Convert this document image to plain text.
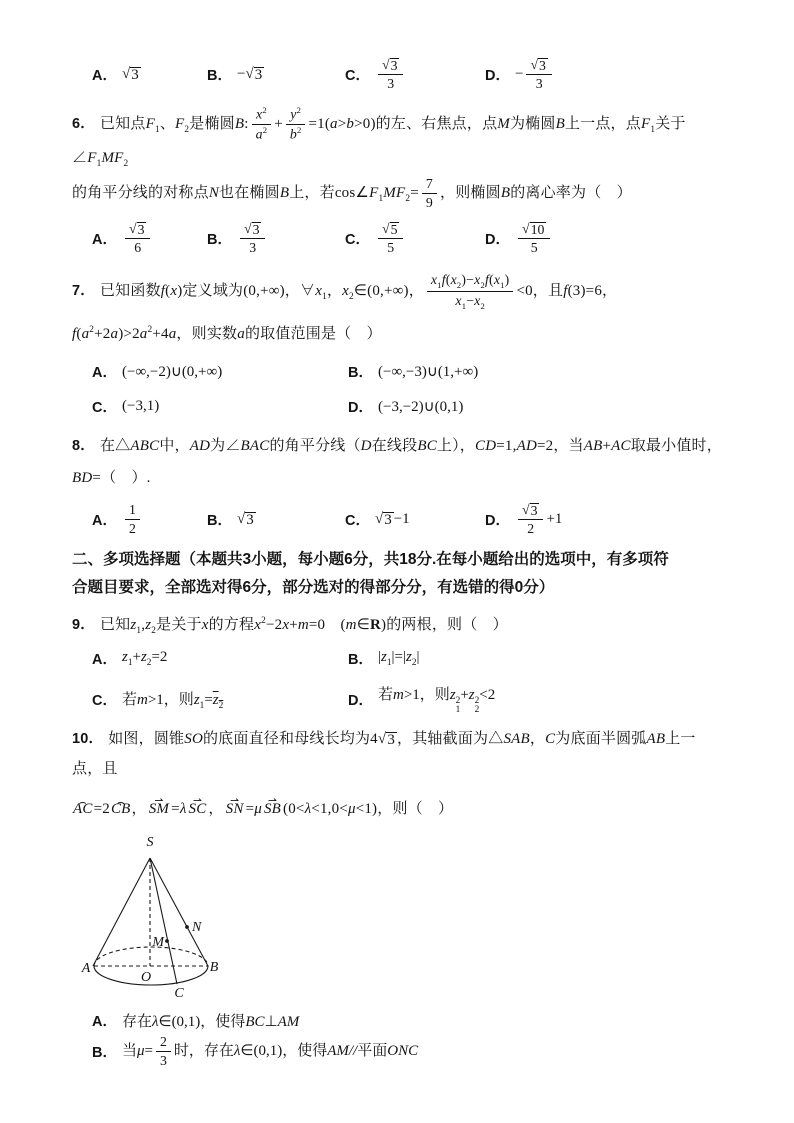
A． √ 3	B． − √ 3	C． $\frac{√ 3}{3}$	D． − $\frac{√ 3}{3}$

6． 已知点$F_1$、$F_2$是椭圆B: $\frac{x^2}{a^2} + \frac{y^2}{b^2} =1(a>b>0)$的左、右焦点，点M为椭圆B上一点，点$F_1$关于$\angle F_1MF_2$

的角平分线的对称点N也在椭圆B上，若$\cos\angle F_1MF_2= \frac{7}{9}$ ，则椭圆B的离心率为（　）

A． $\frac{√ 3}{6}$	B． $\frac{√ 3}{3}$	C． $\frac{√ 5}{5}$	D． $\frac{√ 10}{5}$

7． 已知函数f(x)定义域为(0,+∞)，$\forall x_1$，$x_2\in(0,+\infty)$， $\frac{x_1f(x_2)-x_2f(x_1)}{x_1-x_2} <0$，且f(3)=6，

$f(a^2+2a)>2a^2+4a$，则实数a的取值范围是（　）

A． (−∞,−2)∪(0,+∞)	B． (−∞,−3)∪(1,+∞)
C． (−3,1)	D． (−3,−2)∪(0,1)

8． 在△ABC中，AD为∠BAC的角平分线（D在线段BC上），CD=1,AD=2，当AB+AC取最小值时，

BD=（　）.

A． $\frac{1}{2}$	B． √ 3	C． √ 3 −1	D． $\frac{√ 3}{2} +1$

二、多项选择题（本题共3小题，每小题6分，共18分.在每小题给出的选项中，有多项符

合题目要求，全部选对得6分，部分选对的得部分分，有选错的得0分）

9． 已知$z_1,z_2$是关于x的方程$x^2-2x+m=0$　(m∈R)的两根，则（　）

A． $z_1+z_2=2$	B． $|z_1|=|z_2|$
C． 若m>1，则$z_1=z_2$	D． 若m>1，则z 2
1
+z 2
2
<2

10． 如图，圆锥SO的底面直径和母线长均为4 √ 3 ，其轴截面为△SAB，C为底面半圆弧AB上一点，且

AC ⌢=2CB ⌢， SM ⇀ =λ SC ⇀ ， SN ⇀ =μ SB ⇀ (0<λ<1,0<μ<1)，则（　）

S
A	B
O
C
M
N
A． 存在λ∈(0,1)，使得BC⊥AM
B． 当$\mu= \frac{2}{3}$ 时，存在λ∈(0,1)，使得AM//平面ONC
